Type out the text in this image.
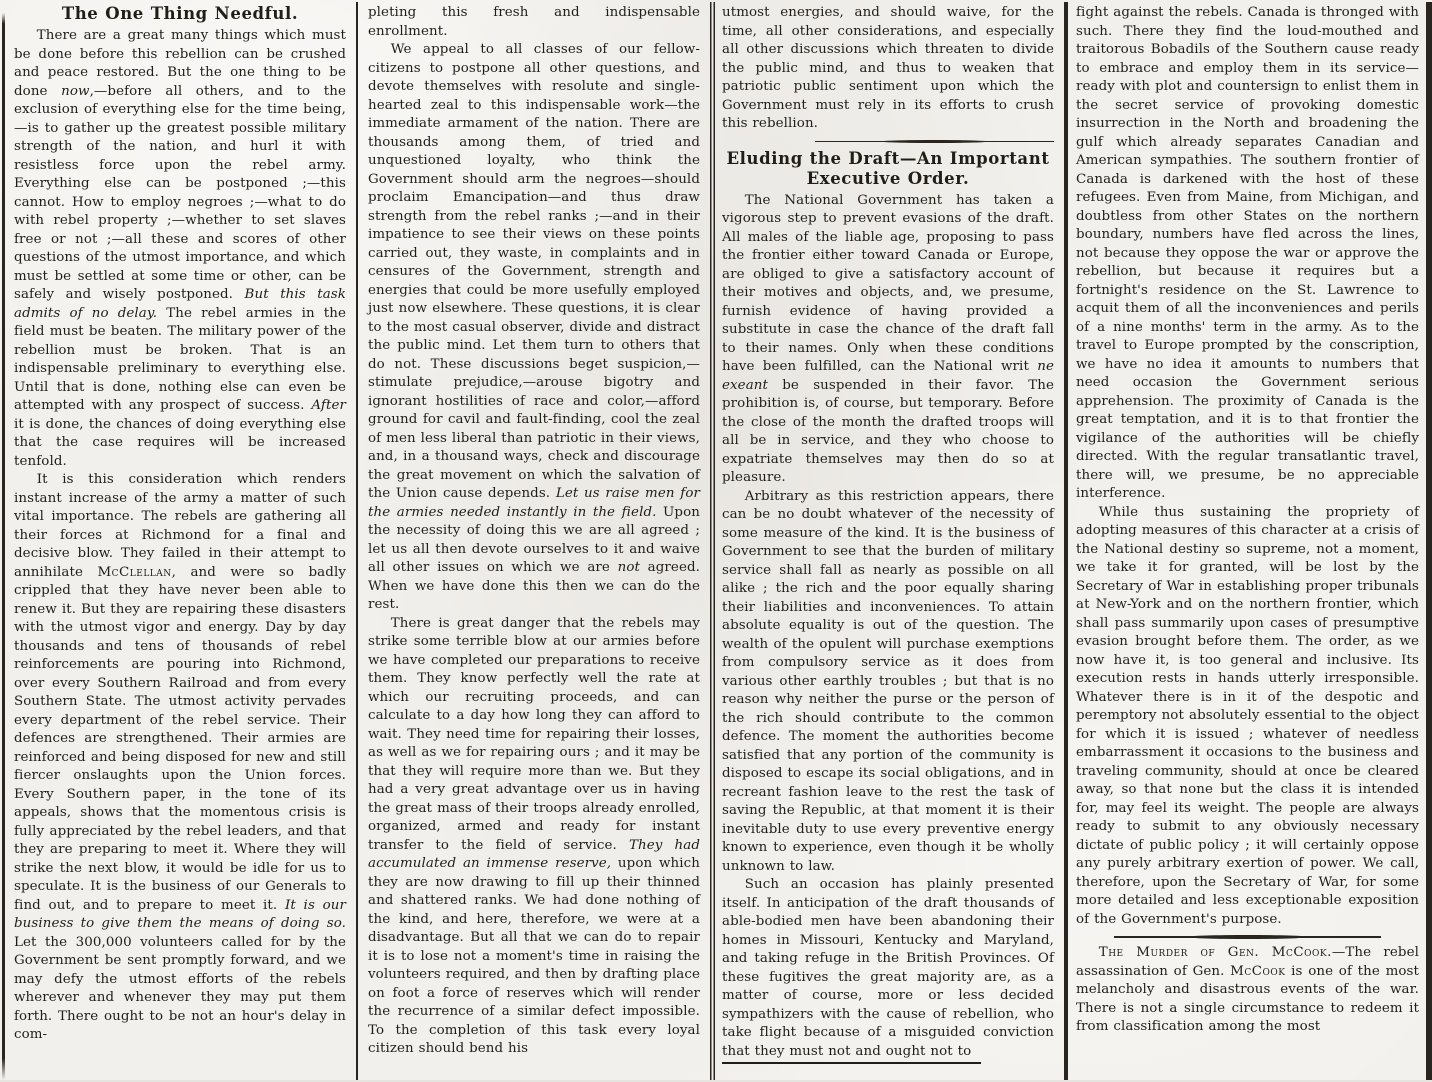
The One Thing Needful.

There are a great many things which must be done before this rebellion can be crushed and peace restored. But the one thing to be done now,—before all others, and to the exclusion of everything else for the time being,—is to gather up the greatest possible military strength of the nation, and hurl it with resistless force upon the rebel army. Everything else can be postponed ;—this cannot. How to employ negroes ;—what to do with rebel property ;—whether to set slaves free or not ;—all these and scores of other questions of the utmost importance, and which must be settled at some time or other, can be safely and wisely postponed. But this task admits of no delay. The rebel armies in the field must be beaten. The military power of the rebellion must be broken. That is an indispensable preliminary to everything else. Until that is done, nothing else can even be attempted with any prospect of success. After it is done, the chances of doing everything else that the case requires will be increased tenfold.

It is this consideration which renders instant increase of the army a matter of such vital importance. The rebels are gathering all their forces at Richmond for a final and decisive blow. They failed in their attempt to annihilate McClellan, and were so badly crippled that they have never been able to renew it. But they are repairing these disasters with the utmost vigor and energy. Day by day thousands and tens of thousands of rebel reinforcements are pouring into Richmond, over every Southern Railroad and from every Southern State. The utmost activity pervades every department of the rebel service. Their defences are strengthened. Their armies are reinforced and being disposed for new and still fiercer onslaughts upon the Union forces. Every Southern paper, in the tone of its appeals, shows that the momentous crisis is fully appreciated by the rebel leaders, and that they are preparing to meet it. Where they will strike the next blow, it would be idle for us to speculate. It is the business of our Generals to find out, and to prepare to meet it. It is our business to give them the means of doing so. Let the 300,000 volunteers called for by the Government be sent promptly forward, and we may defy the utmost efforts of the rebels wherever and whenever they may put them forth. There ought to be not an hour's delay in com-

pleting this fresh and indispensable enrollment.

We appeal to all classes of our fellow-citizens to postpone all other questions, and devote themselves with resolute and single-hearted zeal to this indispensable work—the immediate armament of the nation. There are thousands among them, of tried and unquestioned loyalty, who think the Government should arm the negroes—should proclaim Emancipation—and thus draw strength from the rebel ranks ;—and in their impatience to see their views on these points carried out, they waste, in complaints and in censures of the Government, strength and energies that could be more usefully employed just now elsewhere. These questions, it is clear to the most casual observer, divide and distract the public mind. Let them turn to others that do not. These discussions beget suspicion,—stimulate prejudice,—arouse bigotry and ignorant hostilities of race and color,—afford ground for cavil and fault-finding, cool the zeal of men less liberal than patriotic in their views, and, in a thousand ways, check and discourage the great movement on which the salvation of the Union cause depends. Let us raise men for the armies needed instantly in the field. Upon the necessity of doing this we are all agreed ; let us all then devote ourselves to it and waive all other issues on which we are not agreed. When we have done this then we can do the rest.

There is great danger that the rebels may strike some terrible blow at our armies before we have completed our preparations to receive them. They know perfectly well the rate at which our recruiting proceeds, and can calculate to a day how long they can afford to wait. They need time for repairing their losses, as well as we for repairing ours ; and it may be that they will require more than we. But they had a very great advantage over us in having the great mass of their troops already enrolled, organized, armed and ready for instant transfer to the field of service. They had accumulated an immense reserve, upon which they are now drawing to fill up their thinned and shattered ranks. We had done nothing of the kind, and here, therefore, we were at a disadvantage. But all that we can do to repair it is to lose not a moment's time in raising the volunteers required, and then by drafting place on foot a force of reserves which will render the recurrence of a similar defect impossible. To the completion of this task every loyal citizen should bend his

utmost energies, and should waive, for the time, all other considerations, and especially all other discussions which threaten to divide the public mind, and thus to weaken that patriotic public sentiment upon which the Government must rely in its efforts to crush this rebellion.

Eluding the Draft—An Important Executive Order.

The National Government has taken a vigorous step to prevent evasions of the draft. All males of the liable age, proposing to pass the frontier either toward Canada or Europe, are obliged to give a satisfactory account of their motives and objects, and, we presume, furnish evidence of having provided a substitute in case the chance of the draft fall to their names. Only when these conditions have been fulfilled, can the National writ ne exeant be suspended in their favor. The prohibition is, of course, but temporary. Before the close of the month the drafted troops will all be in service, and they who choose to expatriate themselves may then do so at pleasure.

Arbitrary as this restriction appears, there can be no doubt whatever of the necessity of some measure of the kind. It is the business of Government to see that the burden of military service shall fall as nearly as possible on all alike ; the rich and the poor equally sharing their liabilities and inconveniences. To attain absolute equality is out of the question. The wealth of the opulent will purchase exemptions from compulsory service as it does from various other earthly troubles ; but that is no reason why neither the purse or the person of the rich should contribute to the common defence. The moment the authorities become satisfied that any portion of the community is disposed to escape its social obligations, and in recreant fashion leave to the rest the task of saving the Republic, at that moment it is their inevitable duty to use every preventive energy known to experience, even though it be wholly unknown to law.

Such an occasion has plainly presented itself. In anticipation of the draft thousands of able-bodied men have been abandoning their homes in Missouri, Kentucky and Maryland, and taking refuge in the British Provinces. Of these fugitives the great majority are, as a matter of course, more or less decided sympathizers with the cause of rebellion, who take flight because of a misguided conviction that they must not and ought not to

fight against the rebels. Canada is thronged with such. There they find the loud-mouthed and traitorous Bobadils of the Southern cause ready to embrace and employ them in its service—ready with plot and countersign to enlist them in the secret service of provoking domestic insurrection in the North and broadening the gulf which already separates Canadian and American sympathies. The southern frontier of Canada is darkened with the host of these refugees. Even from Maine, from Michigan, and doubtless from other States on the northern boundary, numbers have fled across the lines, not because they oppose the war or approve the rebellion, but because it requires but a fortnight's residence on the St. Lawrence to acquit them of all the inconveniences and perils of a nine months' term in the army. As to the travel to Europe prompted by the conscription, we have no idea it amounts to numbers that need occasion the Government serious apprehension. The proximity of Canada is the great temptation, and it is to that frontier the vigilance of the authorities will be chiefly directed. With the regular transatlantic travel, there will, we presume, be no appreciable interference.

While thus sustaining the propriety of adopting measures of this character at a crisis of the National destiny so supreme, not a moment, we take it for granted, will be lost by the Secretary of War in establishing proper tribunals at New-York and on the northern frontier, which shall pass summarily upon cases of presumptive evasion brought before them. The order, as we now have it, is too general and inclusive. Its execution rests in hands utterly irresponsible. Whatever there is in it of the despotic and peremptory not absolutely essential to the object for which it is issued ; whatever of needless embarrassment it occasions to the business and traveling community, should at once be cleared away, so that none but the class it is intended for, may feel its weight. The people are always ready to submit to any obviously necessary dictate of public policy ; it will certainly oppose any purely arbitrary exertion of power. We call, therefore, upon the Secretary of War, for some more detailed and less exceptionable exposition of the Government's purpose.

The Murder of Gen. McCook.—The rebel assassination of Gen. McCook is one of the most melancholy and disastrous events of the war. There is not a single circumstance to redeem it from classification among the most
